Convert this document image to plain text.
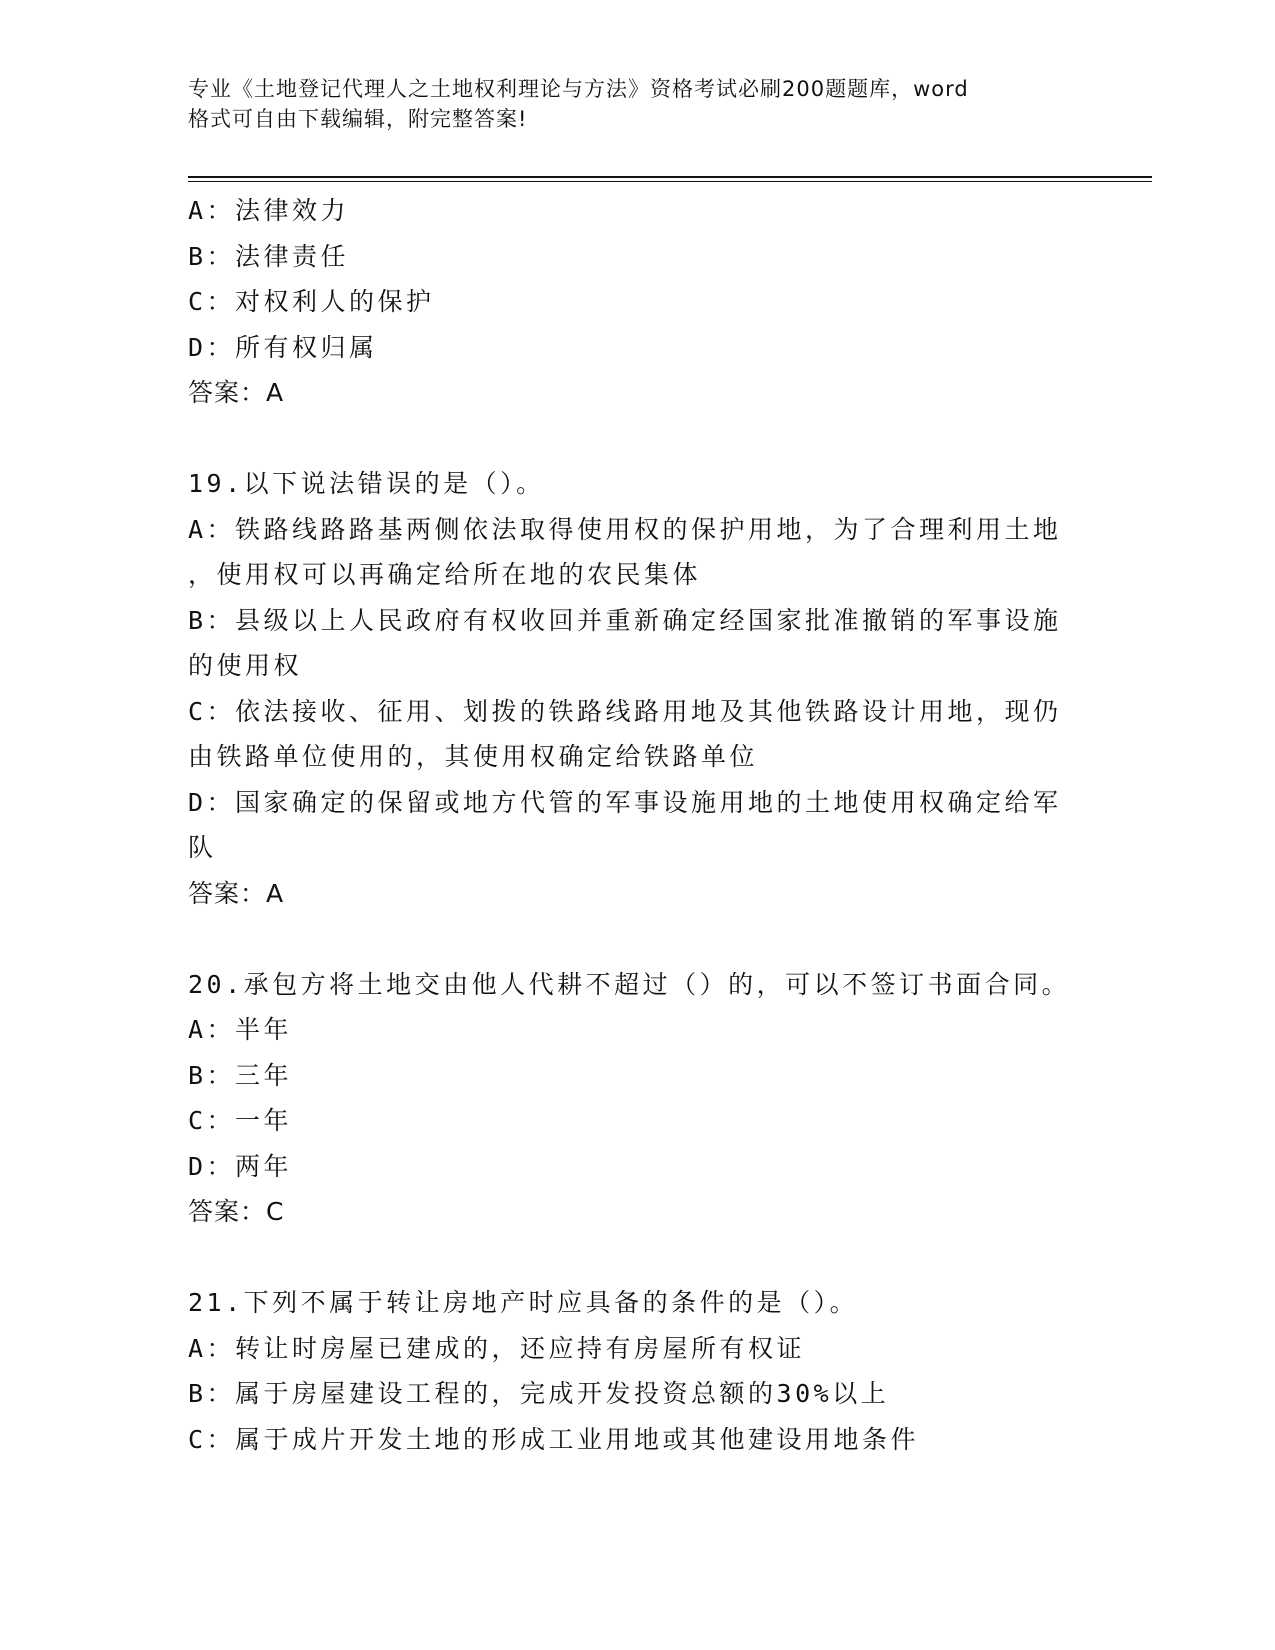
专业《土地登记代理人之土地权利理论与方法》资格考试必刷200题题库，word
格式可自由下载编辑，附完整答案!
A：法律效力
B：法律责任
C：对权利人的保护
D：所有权归属
答案：A
19.以下说法错误的是（）。
A：铁路线路路基两侧依法取得使用权的保护用地，为了合理利用土地
，使用权可以再确定给所在地的农民集体
B：县级以上人民政府有权收回并重新确定经国家批准撤销的军事设施
的使用权
C：依法接收、征用、划拨的铁路线路用地及其他铁路设计用地，现仍
由铁路单位使用的，其使用权确定给铁路单位
D：国家确定的保留或地方代管的军事设施用地的土地使用权确定给军
队
答案：A
20.承包方将土地交由他人代耕不超过（）的，可以不签订书面合同。
A：半年
B：三年
C：一年
D：两年
答案：C
21.下列不属于转让房地产时应具备的条件的是（）。
A：转让时房屋已建成的，还应持有房屋所有权证
B：属于房屋建设工程的，完成开发投资总额的30%以上
C：属于成片开发土地的形成工业用地或其他建设用地条件
